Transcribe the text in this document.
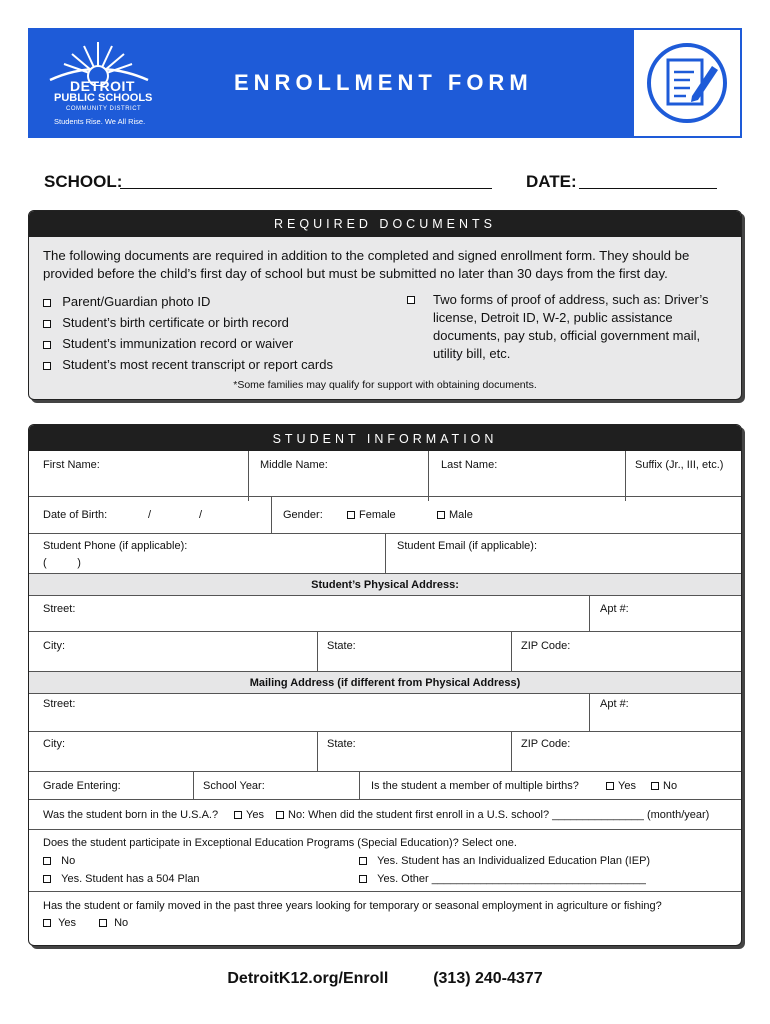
DETROIT
PUBLIC SCHOOLS
COMMUNITY DISTRICT
Students Rise. We All Rise.
ENROLLMENT FORM
SCHOOL:	DATE:
REQUIRED DOCUMENTS
The following documents are required in addition to the completed and signed enrollment form. They should be provided before the child’s first day of school but must be submitted no later than 30 days from the first day.
Parent/Guardian photo ID
Student’s birth certificate or birth record
Student’s immunization record or waiver
Student’s most recent transcript or report cards
Two forms of proof of address, such as: Driver’s license, Detroit ID, W-2, public assistance documents, pay stub, official government mail, utility bill, etc.
*Some families may qualify for support with obtaining documents.
STUDENT INFORMATION
First Name:	Middle Name:	Last Name:	Suffix (Jr., III, etc.)
Date of Birth:	/	/	Gender:	Female	Male
Student Phone (if applicable):
(          )
Student Email (if applicable):
Student’s Physical Address:
Street:	Apt #:
City:	State:	ZIP Code:
Mailing Address (if different from Physical Address)
Street:	Apt #:
City:	State:	ZIP Code:
Grade Entering:	School Year:	Is the student a member of multiple births?	Yes	No
Was the student born in the U.S.A.?	Yes	No: When did the student first enroll in a U.S. school? _______________ (month/year)
Does the student participate in Exceptional Education Programs (Special Education)? Select one.
No
Yes. Student has a 504 Plan
Yes. Student has an Individualized Education Plan (IEP)
Yes. Other ___________________________________
Has the student or family moved in the past three years looking for temporary or seasonal employment in agriculture or fishing?
Yes	No
DetroitK12.org/Enroll	(313) 240-4377
